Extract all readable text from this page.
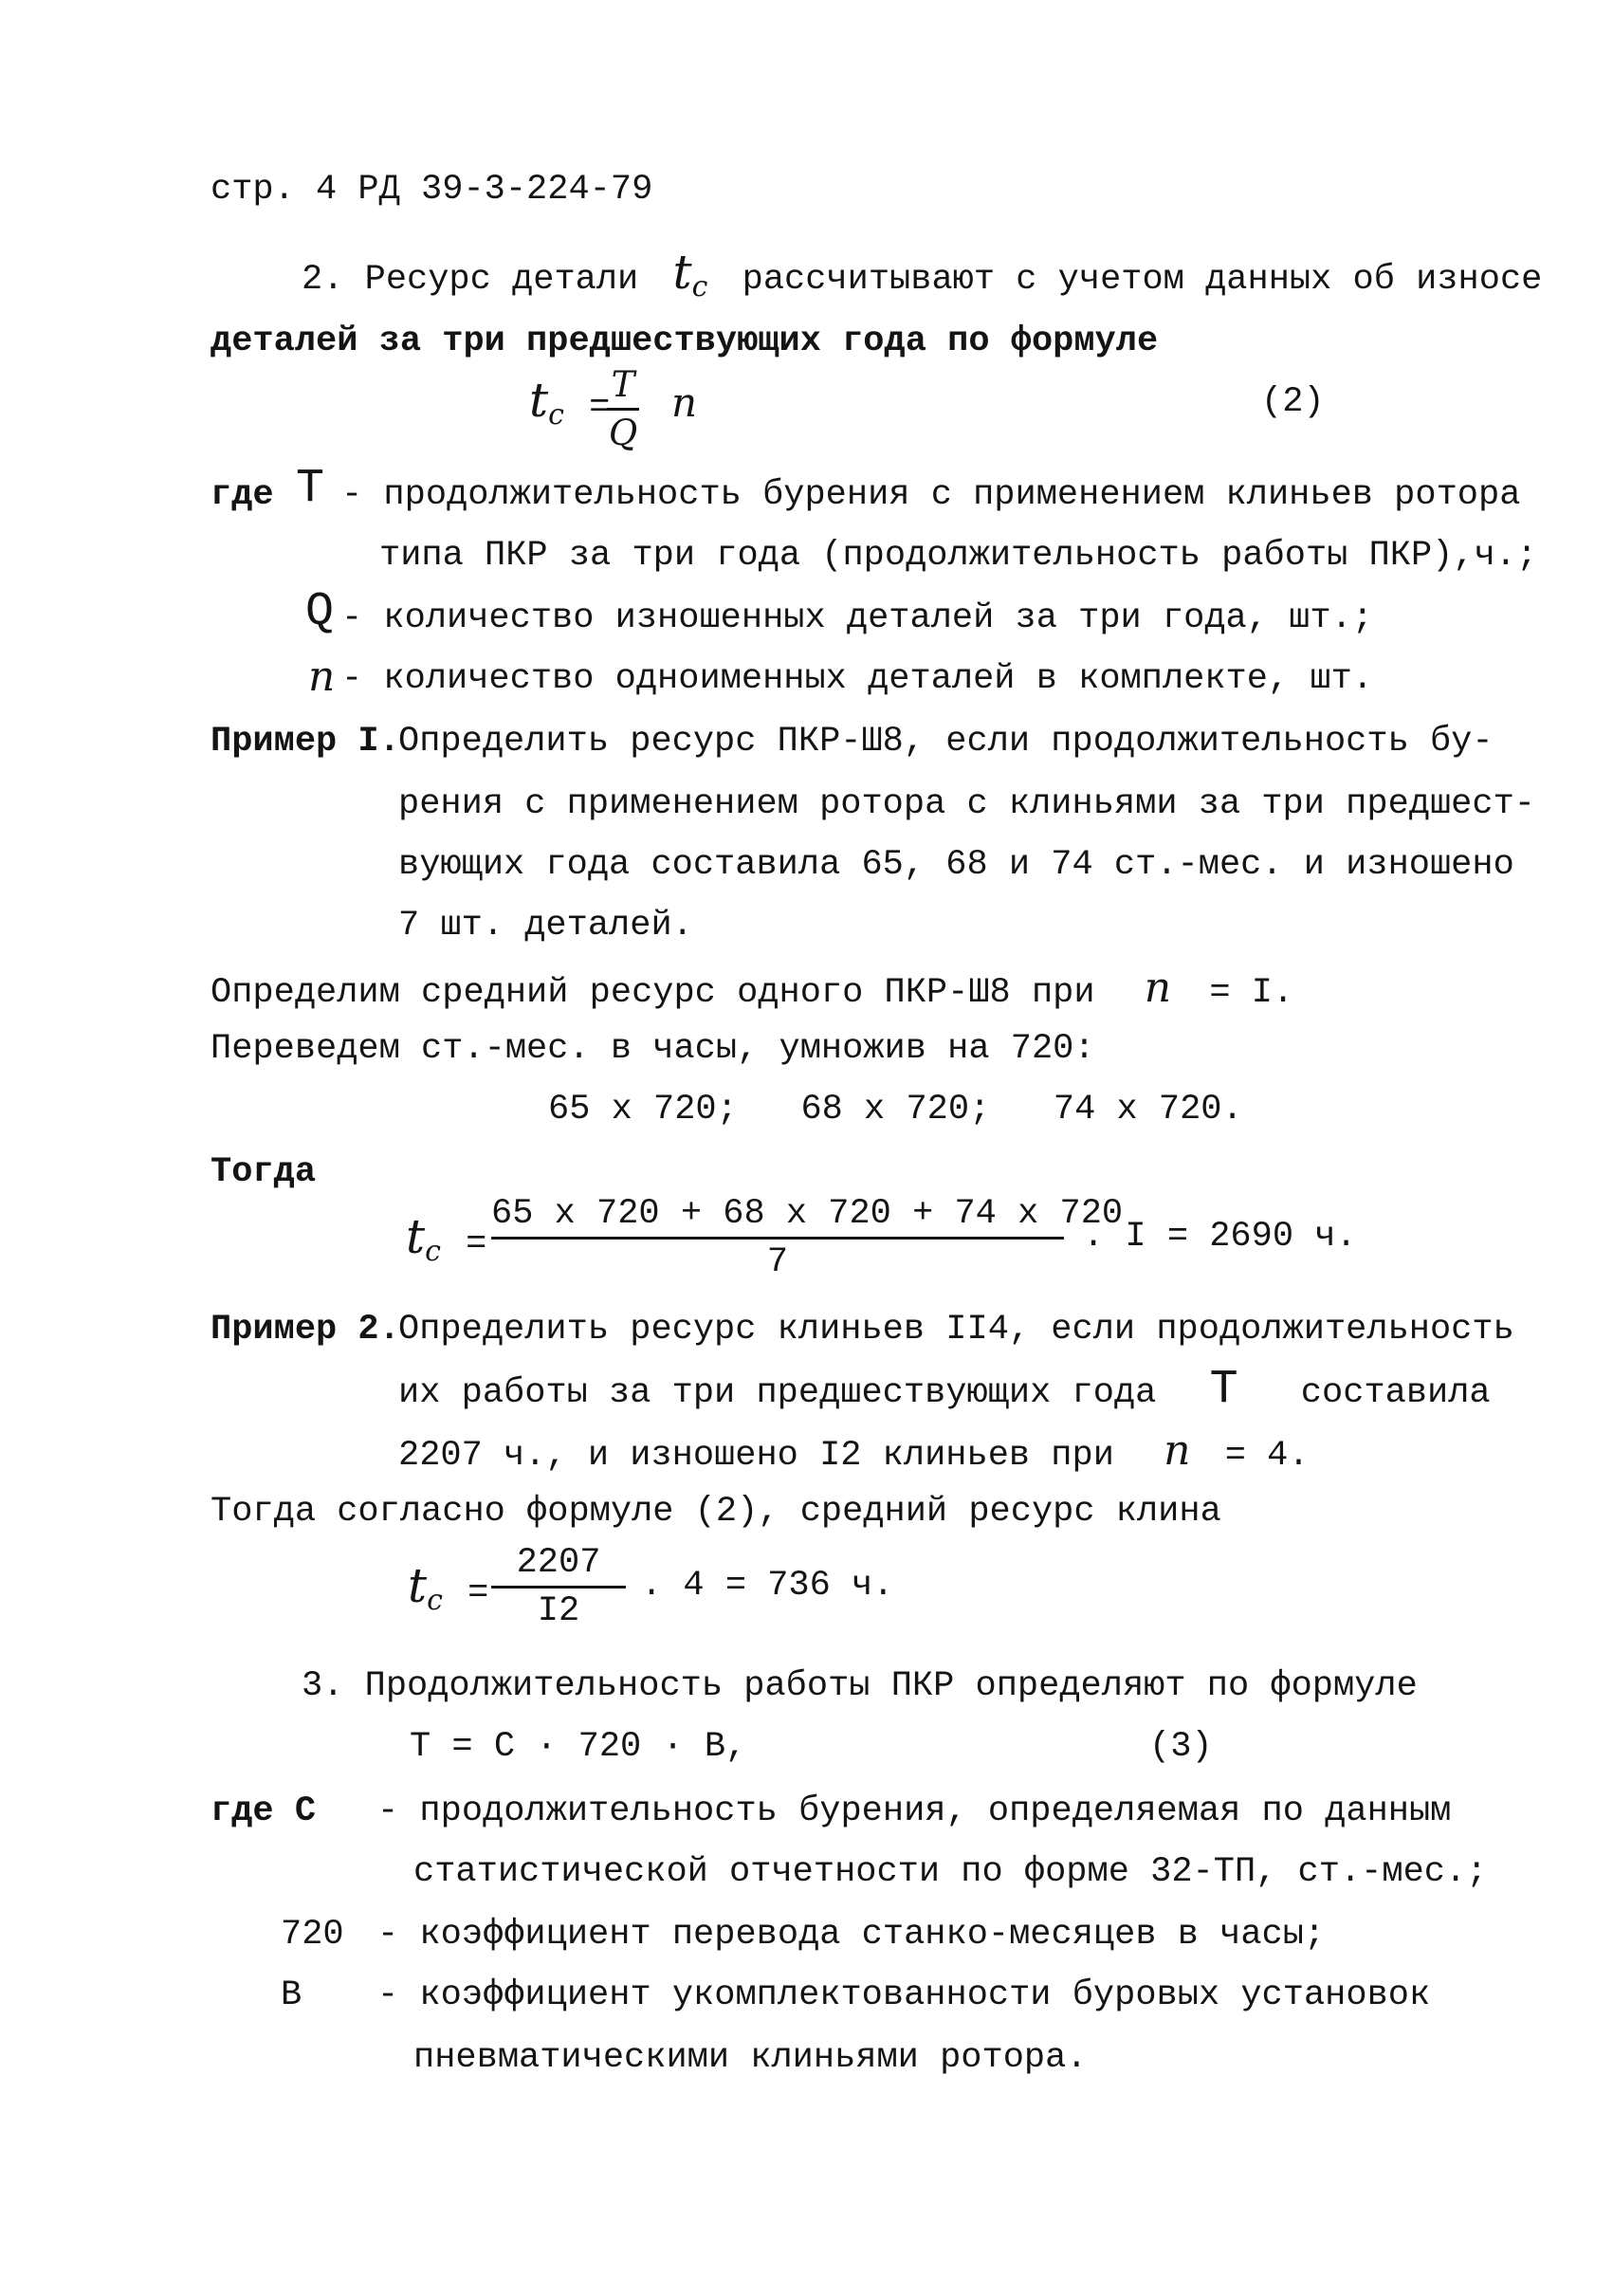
стр. 4 РД 39-3-224-79
2. Ресурс детали $t_c$ рассчитывают с учетом данных об износе
деталей за три предшествующих года по формуле
$t_c$ =
T
Q
n	(2)
где Т - продолжительность бурения с применением клиньев ротора
типа ПКР за три года (продолжительность работы ПКР),ч.;
Q - количество изношенных деталей за три года, шт.;
n - количество одноименных деталей в комплекте, шт.
Пример I.
Определить ресурс ПКР-Ш8, если продолжительность бу-
рения с применением ротора с клиньями за три предшест-
вующих года составила 65, 68 и 74 ст.-мес. и изношено
7 шт. деталей.
Определим средний ресурс одного ПКР-Ш8 при n = I.
Переведем ст.-мес. в часы, умножив на 720:
65 х 720;   68 х 720;   74 х 720.
Тогда
$t_c$ =
65 х 720 + 68 х 720 + 74 х 720
7
. I = 2690 ч.
Пример 2.
Определить ресурс клиньев II4, если продолжительность
их работы за три предшествующих года Т составила
2207 ч., и изношено I2 клиньев при n = 4.
Тогда согласно формуле (2), средний ресурс клина
$t_c$ =
2207
I2
. 4 = 736 ч.
3. Продолжительность работы ПКР определяют по формуле
Т = С · 720 · В,	(3)
где С - продолжительность бурения, определяемая по данным
статистической отчетности по форме 32-ТП, ст.-мес.;
720 - коэффициент перевода станко-месяцев в часы;
В - коэффициент укомплектованности буровых установок
пневматическими клиньями ротора.
